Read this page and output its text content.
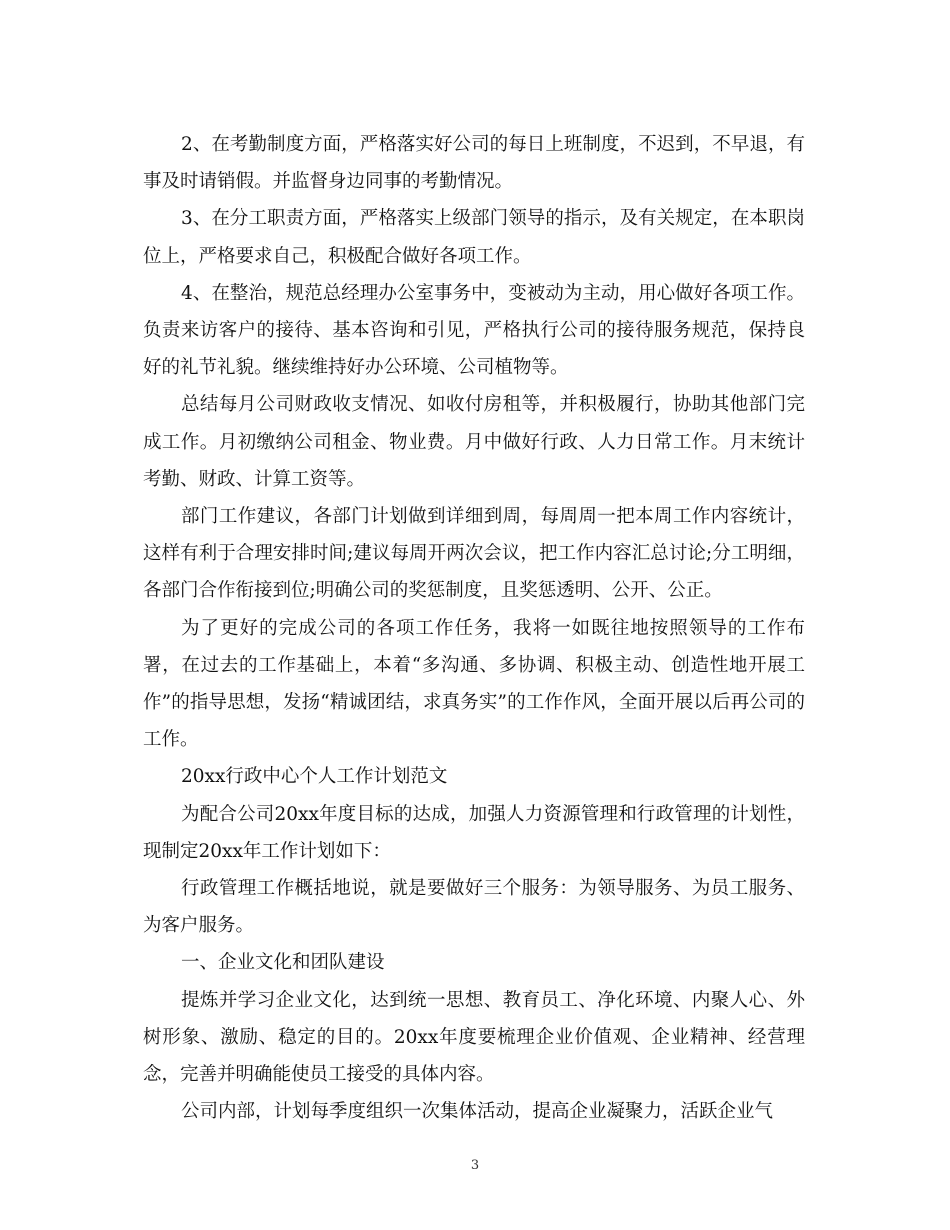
2、在考勤制度方面，严格落实好公司的每日上班制度，不迟到，不早退，有事及时请销假。并监督身边同事的考勤情况。

3、在分工职责方面，严格落实上级部门领导的指示，及有关规定，在本职岗位上，严格要求自己，积极配合做好各项工作。

4、在整治，规范总经理办公室事务中，变被动为主动，用心做好各项工作。负责来访客户的接待、基本咨询和引见，严格执行公司的接待服务规范，保持良好的礼节礼貌。继续维持好办公环境、公司植物等。

总结每月公司财政收支情况、如收付房租等，并积极履行，协助其他部门完成工作。月初缴纳公司租金、物业费。月中做好行政、人力日常工作。月末统计考勤、财政、计算工资等。

部门工作建议，各部门计划做到详细到周，每周周一把本周工作内容统计，这样有利于合理安排时间;建议每周开两次会议，把工作内容汇总讨论;分工明细，各部门合作衔接到位;明确公司的奖惩制度，且奖惩透明、公开、公正。

为了更好的完成公司的各项工作任务，我将一如既往地按照领导的工作布署，在过去的工作基础上，本着“多沟通、多协调、积极主动、创造性地开展工作”的指导思想，发扬“精诚团结，求真务实”的工作作风，全面开展以后再公司的工作。

20xx行政中心个人工作计划范文

为配合公司20xx年度目标的达成，加强人力资源管理和行政管理的计划性，现制定20xx年工作计划如下：

行政管理工作概括地说，就是要做好三个服务：为领导服务、为员工服务、为客户服务。

一、企业文化和团队建设

提炼并学习企业文化，达到统一思想、教育员工、净化环境、内聚人心、外树形象、激励、稳定的目的。20xx年度要梳理企业价值观、企业精神、经营理念，完善并明确能使员工接受的具体内容。

公司内部，计划每季度组织一次集体活动，提高企业凝聚力，活跃企业气

3
